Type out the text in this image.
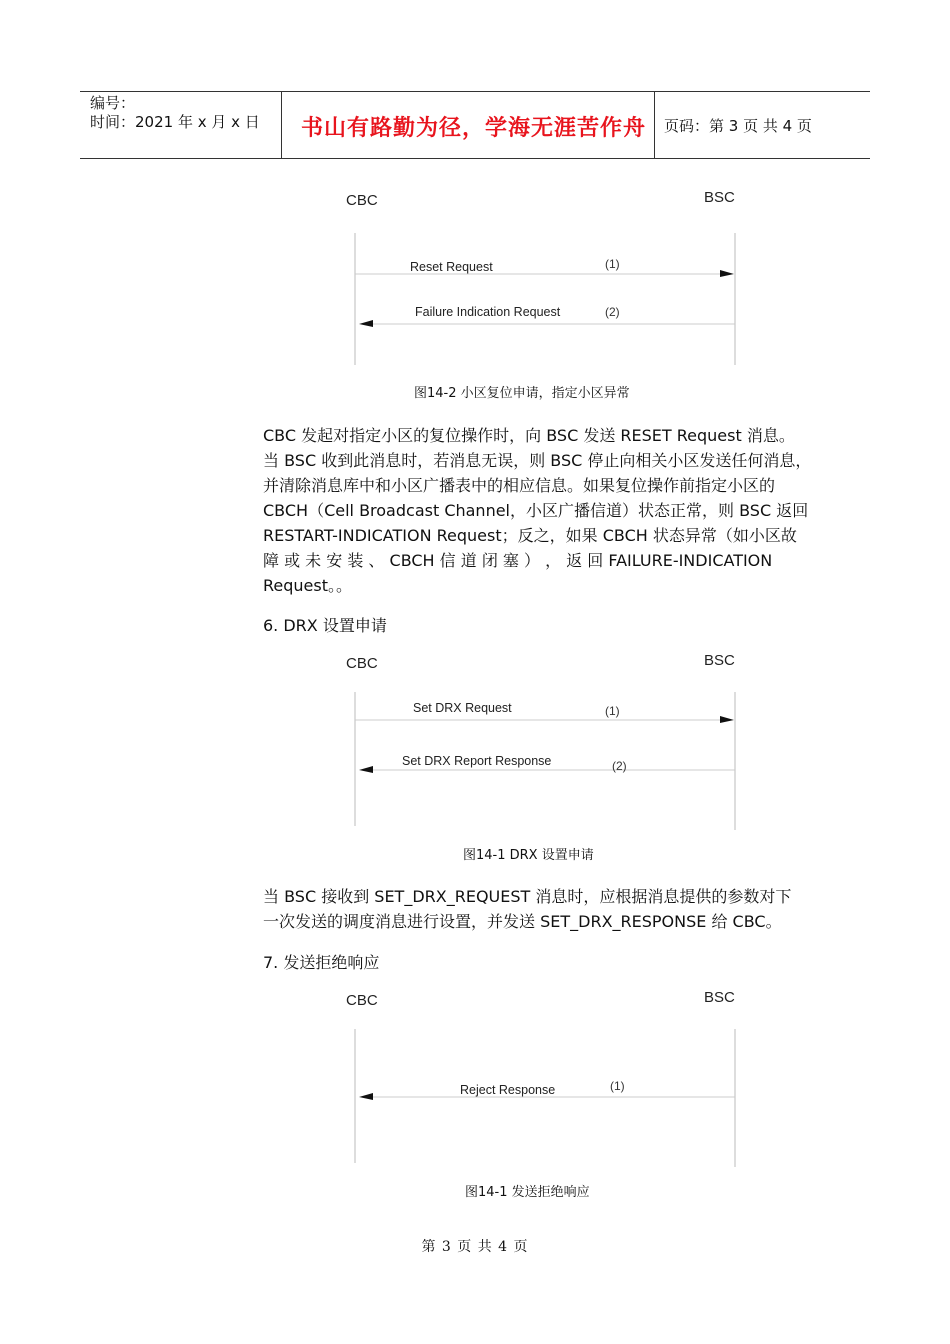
编号：
时间：2021 年 x 月 x 日 书山有路勤为径，学海无涯苦作舟 页码：第 3 页 共 4 页
CBC	BSC
Reset Request	(1)
Failure Indication Request	(2)
图14-2 小区复位申请，指定小区异常
CBC 发起对指定小区的复位操作时，向 BSC 发送 RESET Request 消息。
当 BSC 收到此消息时，若消息无误，则 BSC 停止向相关小区发送任何消息，
并清除消息库中和小区广播表中的相应信息。如果复位操作前指定小区的
CBCH（Cell Broadcast Channel，小区广播信道）状态正常，则 BSC 返回
RESTART-INDICATION Request；反之，如果 CBCH 状态异常（如小区故
障 或 未 安 装 、 CBCH 信 道 闭 塞 ） ， 返 回 FAILURE-INDICATION
Request。。
6. DRX 设置申请
CBC	BSC
Set DRX Request	(1)
Set DRX Report Response	(2)
图14-1 DRX 设置申请
当 BSC 接收到 SET_DRX_REQUEST 消息时，应根据消息提供的参数对下
一次发送的调度消息进行设置，并发送 SET_DRX_RESPONSE 给 CBC。
7. 发送拒绝响应
CBC	BSC
Reject Response	(1)
图14-1 发送拒绝响应
第 3 页 共 4 页
